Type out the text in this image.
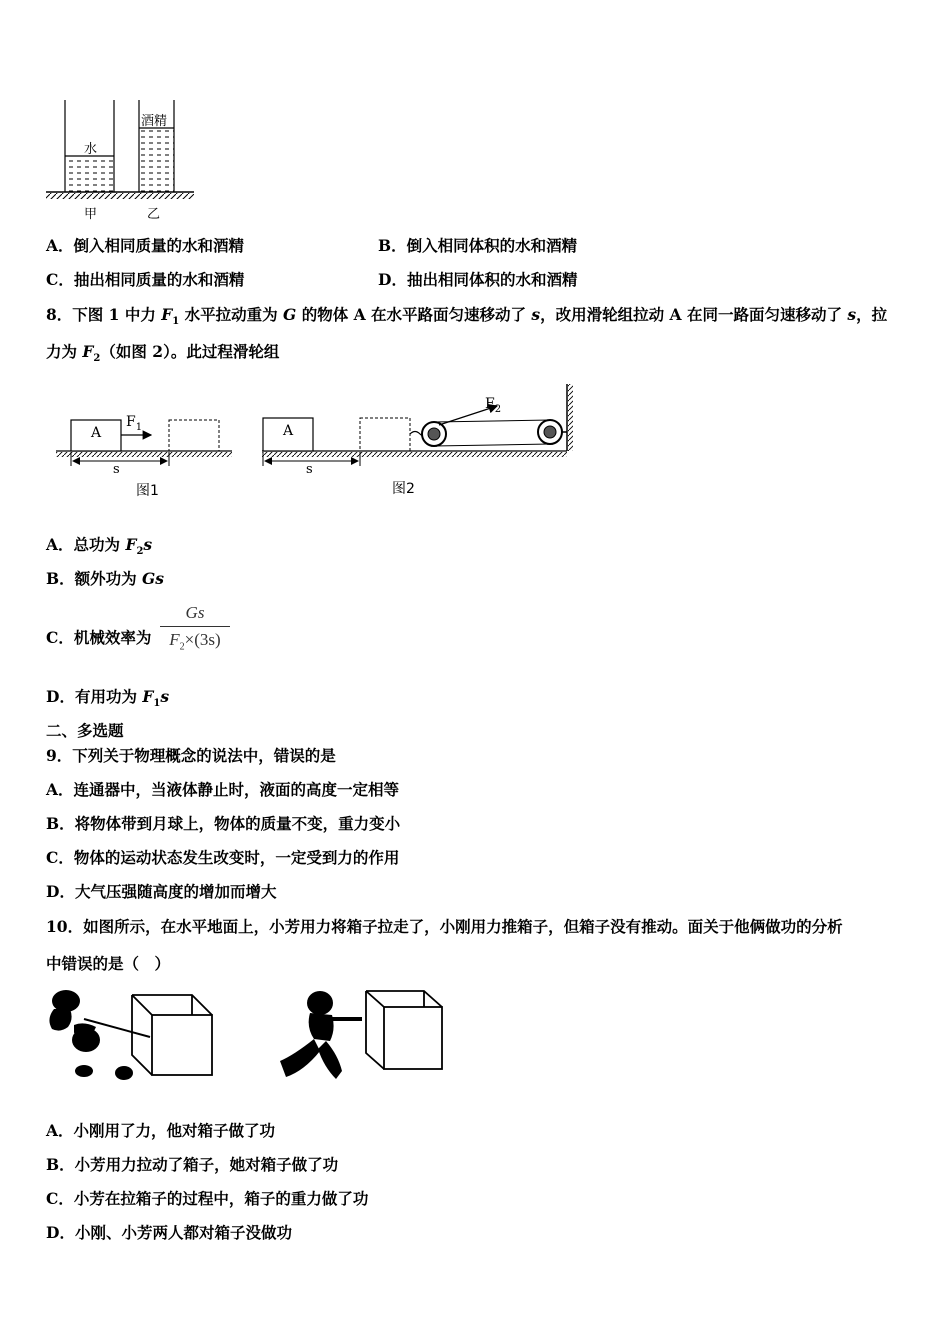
水
酒精
甲	乙
A．倒入相同质量的水和酒精	B．倒入相同体积的水和酒精
C．抽出相同质量的水和酒精	D．抽出相同体积的水和酒精
8．下图 1 中力 $F_1$ 水平拉动重为 G 的物体 A 在水平路面匀速移动了 s，改用滑轮组拉动 A 在同一路面匀速移动了 s，拉
力为 $F_2$（如图 2）。此过程滑轮组
A	A
$F_1$
$F_2$
s	s
图1	图2
A．总功为 $F_2s$
B．额外功为 Gs
C．机械效率为
Gs
$F_2\times(3s)$
D．有用功为 $F_1s$
二、多选题
9．下列关于物理概念的说法中，错误的是
A．连通器中，当液体静止时，液面的高度一定相等
B．将物体带到月球上，物体的质量不变，重力变小
C．物体的运动状态发生改变时，一定受到力的作用
D．大气压强随高度的增加而增大
10．如图所示，在水平地面上，小芳用力将箱子拉走了，小刚用力推箱子，但箱子没有推动。面关于他俩做功的分析
中错误的是（　）
A．小刚用了力，他对箱子做了功
B．小芳用力拉动了箱子，她对箱子做了功
C．小芳在拉箱子的过程中，箱子的重力做了功
D．小刚、小芳两人都对箱子没做功
